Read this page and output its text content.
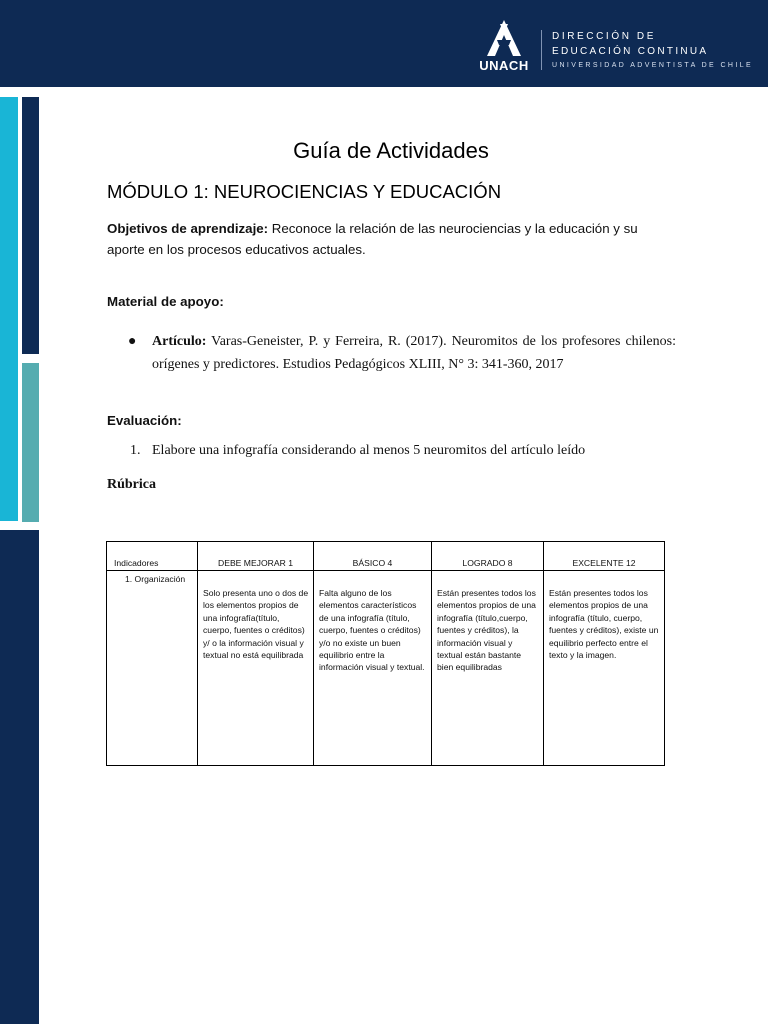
UNACH
DIRECCIÓN DE
EDUCACIÓN CONTINUA
UNIVERSIDAD ADVENTISTA DE CHILE
Guía de Actividades
MÓDULO 1: NEUROCIENCIAS Y EDUCACIÓN
Objetivos de aprendizaje: Reconoce la relación de las neurociencias y la educación y su aporte en los procesos educativos actuales.
Material de apoyo:
● Artículo: Varas-Geneister, P. y Ferreira, R. (2017). Neuromitos de los profesores chilenos: orígenes y predictores. Estudios Pedagógicos XLIII, N° 3: 341-360, 2017
Evaluación:
1. Elabore una infografía considerando al menos 5 neuromitos del artículo leído
Rúbrica
Indicadores	DEBE MEJORAR 1	BÁSICO 4	LOGRADO 8	EXCELENTE 12
1. Organización	Solo presenta uno o dos de los elementos propios de una infografía(título, cuerpo, fuentes o créditos) y/ o la información visual y textual no está equilibrada	Falta alguno de los elementos característicos de una infografía (título, cuerpo, fuentes o créditos) y/o no existe un buen equilibrio entre la información visual y textual.	Están presentes todos los elementos propios de una infografía (título,cuerpo, fuentes y créditos), la información visual y textual están bastante bien equilibradas	Están presentes todos los elementos propios de una infografía (título, cuerpo, fuentes y créditos), existe un equilibrio perfecto entre el texto y la imagen.
